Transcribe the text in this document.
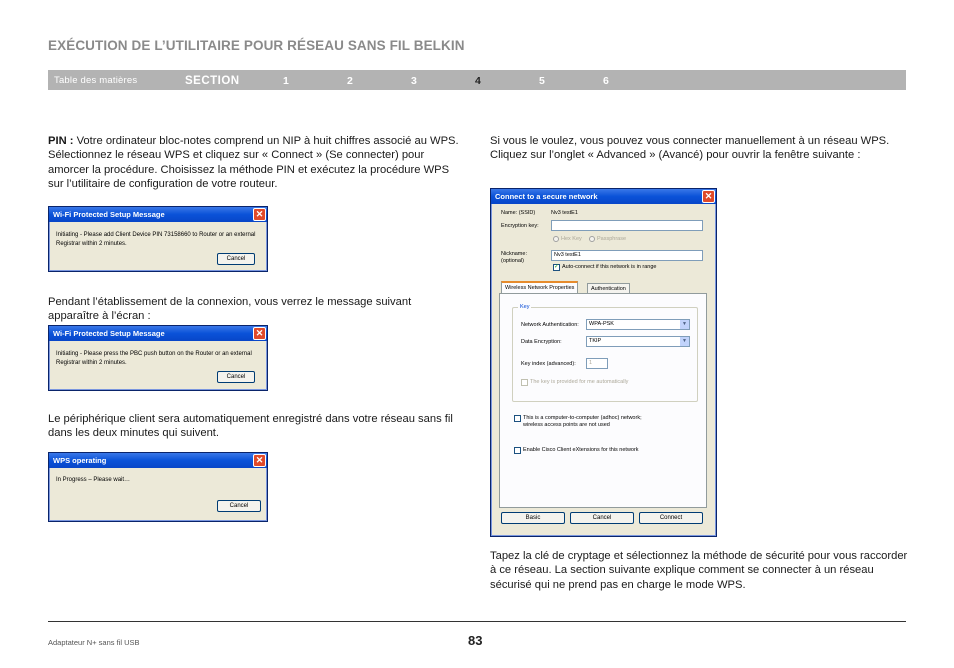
EXÉCUTION DE L’UTILITAIRE POUR RÉSEAU SANS FIL BELKIN
Table des matières	SECTION	1	2	3	4	5	6

PIN : Votre ordinateur bloc-notes comprend un NIP à huit chiffres associé au WPS. Sélectionnez le réseau WPS et cliquez sur « Connect » (Se connecter) pour amorcer la procédure. Choisissez la méthode PIN et exécutez la procédure WPS sur l’utilitaire de configuration de votre routeur.

Wi-Fi Protected Setup Message	✕
Initiating - Please add Client Device PIN 73158660 to Router or an external Registrar within 2 minutes.
Cancel

Pendant l’établissement de la connexion, vous verrez le message suivant apparaître à l’écran :

Wi-Fi Protected Setup Message	✕
Initiating - Please press the PBC push button on the Router or an external Registrar within 2 minutes.
Cancel

Le périphérique client sera automatiquement enregistré dans votre réseau sans fil dans les deux minutes qui suivent.

WPS operating	✕
In Progress – Please wait…
Cancel

Si vous le voulez, vous pouvez vous connecter manuellement à un réseau WPS. Cliquez sur l’onglet « Advanced » (Avancé) pour ouvrir la fenêtre suivante :

Connect to a secure network	✕
Name: (SSID)	Nv3 testE1
Encryption key:
Hex Key	Passphrase
Nickname:
(optional)
Nv3 testE1
✓ Auto-connect if this network is in range
Wireless Network Properties	Authentication
Key
Network Authentication:	WPA-PSK	▼
Data Encryption:	TKIP	▼
Key index (advanced):	1
The key is provided for me automatically
This is a computer-to-computer (adhoc) network;
wireless access points are not used
Enable Cisco Client eXtensions for this network
Basic	Cancel	Connect

Tapez la clé de cryptage et sélectionnez la méthode de sécurité pour vous raccorder à ce réseau. La section suivante explique comment se connecter à un réseau sécurisé qui ne prend pas en charge le mode WPS.

Adaptateur N+ sans fil USB	83
